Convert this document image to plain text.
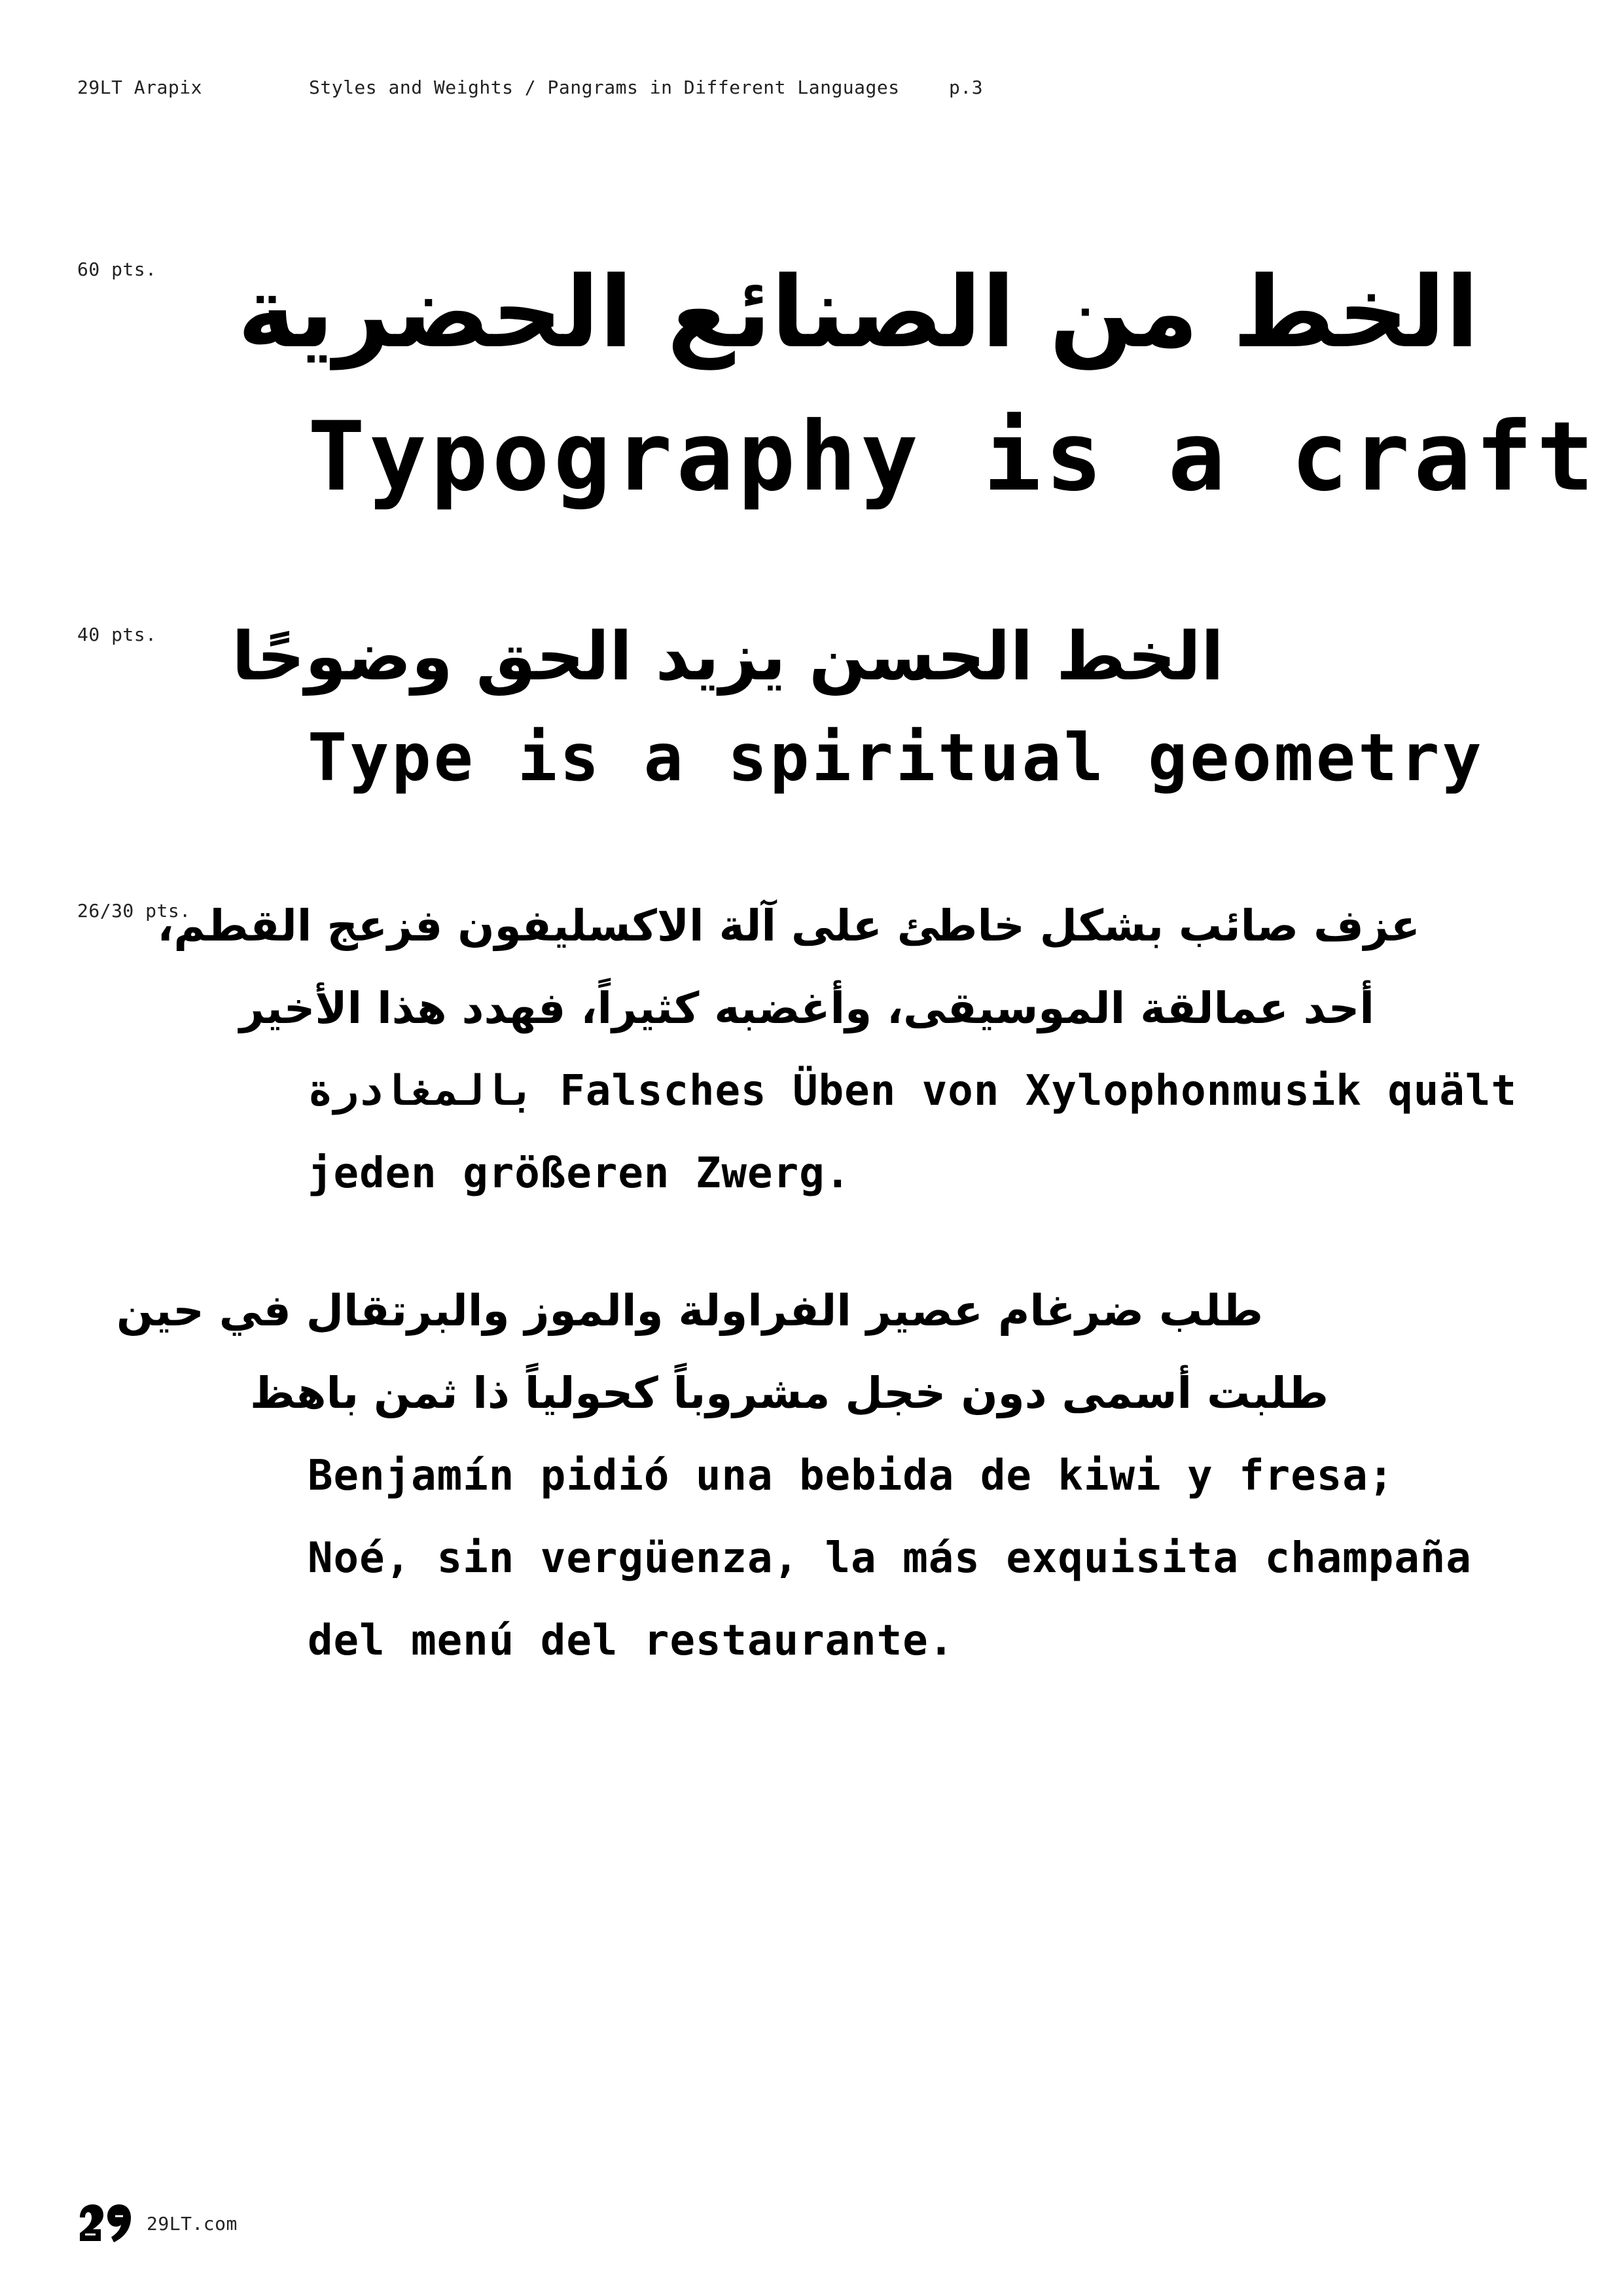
29LT Arapix	Styles and Weights / Pangrams in Different Languages	p.3
60 pts. الخط من الصنائع الحضرية
Typography is a craft
40 pts. الخط الحسن يزيد الحق وضوحًا
Type is a spiritual geometry
26/30 pts.
عزف صائب بشكل خاطئ على آلة الاكسليفون فزعج القطم،
أحد عمالقة الموسيقى، وأغضبه كثيراً، فهدد هذا الأخير
بالمغادرة Falsches Üben von Xylophonmusik quält
jeden größeren Zwerg.
طلب ضرغام عصير الفراولة والموز والبرتقال في حين
طلبت أسمى دون خجل مشروباً كحولياً ذا ثمن باهظ
Benjamín pidió una bebida de kiwi y fresa;
Noé, sin vergüenza, la más exquisita champaña
del menú del restaurante.
29LT.com
